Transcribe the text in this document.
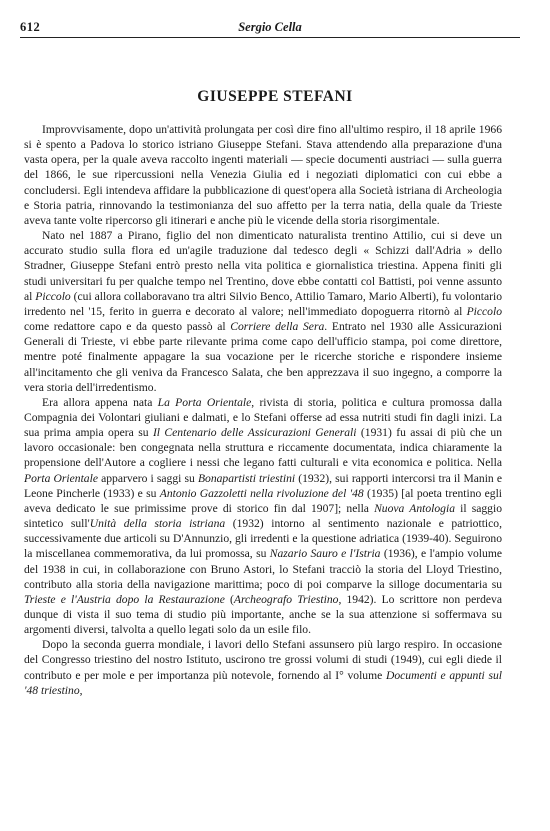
612	Sergio Cella
GIUSEPPE STEFANI

Improvvisamente, dopo un'attività prolungata per così dire fino all'ultimo respiro, il 18 aprile 1966 si è spento a Padova lo storico istriano Giuseppe Stefani. Stava attendendo alla preparazione d'una vasta opera, per la quale aveva raccolto ingenti materiali — specie documenti austriaci — sulla guerra del 1866, le sue ripercussioni nella Venezia Giulia ed i negoziati diplomatici con cui ebbe a concludersi. Egli intendeva affidare la pubblicazione di quest'opera alla Società istriana di Archeologia e Storia patria, rinnovando la testimonianza del suo affetto per la terra natia, della quale da Trieste aveva tante volte ripercorso gli itinerari e anche più le vicende della storia risorgimentale.

Nato nel 1887 a Pirano, figlio del non dimenticato naturalista trentino Attilio, cui si deve un accurato studio sulla flora ed un'agile traduzione dal tedesco degli « Schizzi dall'Adria » dello Stradner, Giuseppe Stefani entrò presto nella vita politica e giornalistica triestina. Appena finiti gli studi universitari fu per qualche tempo nel Trentino, dove ebbe contatti col Battisti, poi venne assunto al Piccolo (cui allora collaboravano tra altri Silvio Benco, Attilio Tamaro, Mario Alberti), fu volontario irredento nel '15, ferito in guerra e decorato al valore; nell'immediato dopoguerra ritornò al Piccolo come redattore capo e da questo passò al Corriere della Sera. Entrato nel 1930 alle Assicurazioni Generali di Trieste, vi ebbe parte rilevante prima come capo dell'ufficio stampa, poi come direttore, mentre poté finalmente appagare la sua vocazione per le ricerche storiche e rispondere insieme all'incitamento che gli veniva da Francesco Salata, che ben apprezzava il suo ingegno, a comporre la vera storia dell'irredentismo.

Era allora appena nata La Porta Orientale, rivista di storia, politica e cultura promossa dalla Compagnia dei Volontari giuliani e dalmati, e lo Stefani offerse ad essa nutriti studi fin dagli inizi. La sua prima ampia opera su Il Centenario delle Assicurazioni Generali (1931) fu assai di più che un lavoro occasionale: ben congegnata nella struttura e riccamente documentata, indica chiaramente la propensione dell'Autore a cogliere i nessi che legano fatti culturali e vita economica e politica. Nella Porta Orientale apparvero i saggi su Bonapartisti triestini (1932), sui rapporti intercorsi tra il Manin e Leone Pincherle (1933) e su Antonio Gazzoletti nella rivoluzione del '48 (1935) [al poeta trentino egli aveva dedicato le sue primissime prove di storico fin dal 1907]; nella Nuova Antologia il saggio sintetico sull'Unità della storia istriana (1932) intorno al sentimento nazionale e patriottico, successivamente due articoli su D'Annunzio, gli irredenti e la questione adriatica (1939-40). Seguirono la miscellanea commemorativa, da lui promossa, su Nazario Sauro e l'Istria (1936), e l'ampio volume del 1938 in cui, in collaborazione con Bruno Astori, lo Stefani tracciò la storia del Lloyd Triestino, contributo alla storia della navigazione marittima; poco di poi comparve la silloge documentaria su Trieste e l'Austria dopo la Restaurazione (Archeografo Triestino, 1942). Lo scrittore non perdeva dunque di vista il suo tema di studio più importante, anche se la sua attenzione si soffermava su argomenti diversi, talvolta a quello legati solo da un esile filo.

Dopo la seconda guerra mondiale, i lavori dello Stefani assunsero più largo respiro. In occasione del Congresso triestino del nostro Istituto, uscirono tre grossi volumi di studi (1949), cui egli diede il contributo e per mole e per importanza più notevole, fornendo al I° volume Documenti e appunti sul '48 triestino,
